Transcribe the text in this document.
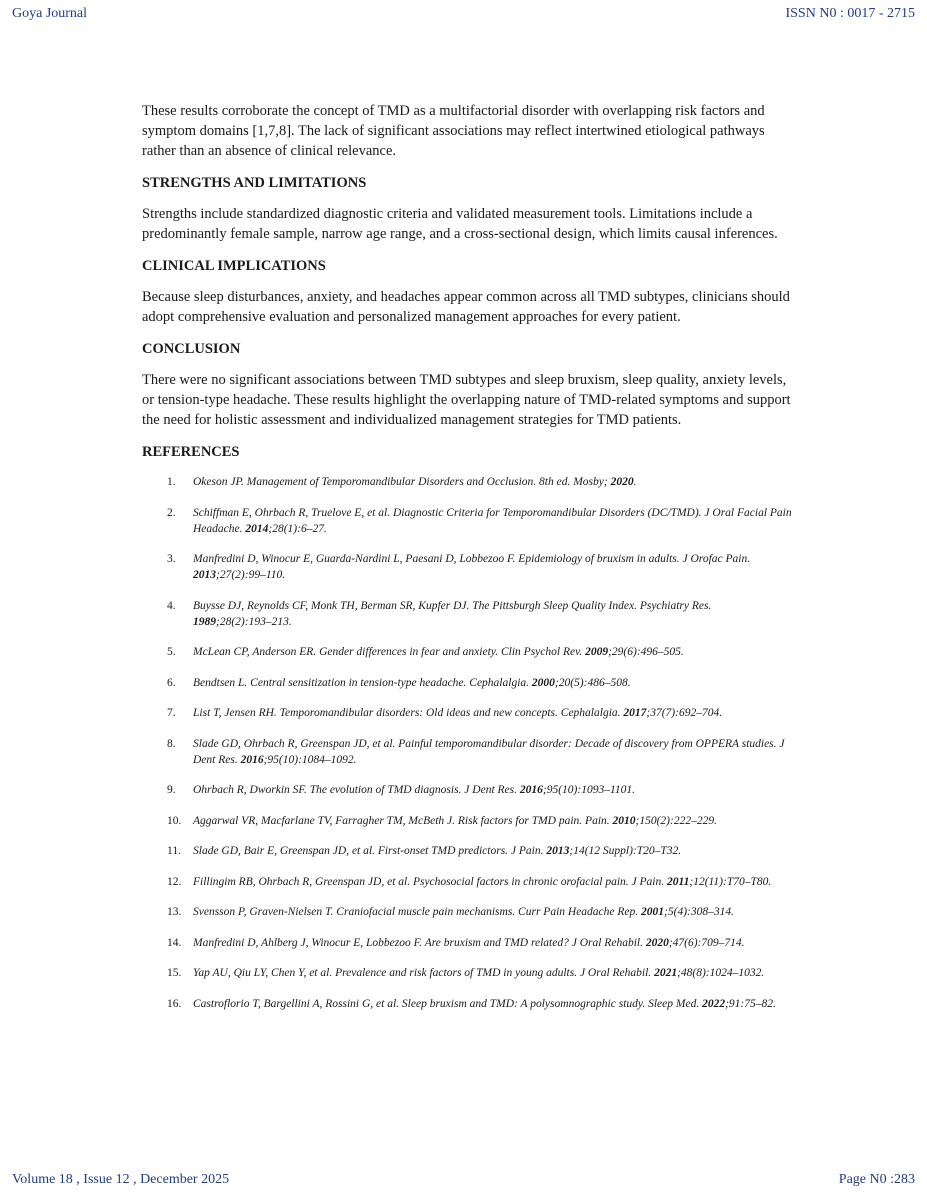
Goya Journal	ISSN N0 : 0017 - 2715

These results corroborate the concept of TMD as a multifactorial disorder with overlapping risk factors and symptom domains [1,7,8]. The lack of significant associations may reflect intertwined etiological pathways rather than an absence of clinical relevance.

STRENGTHS AND LIMITATIONS

Strengths include standardized diagnostic criteria and validated measurement tools. Limitations include a predominantly female sample, narrow age range, and a cross-sectional design, which limits causal inferences.

CLINICAL IMPLICATIONS

Because sleep disturbances, anxiety, and headaches appear common across all TMD subtypes, clinicians should adopt comprehensive evaluation and personalized management approaches for every patient.

CONCLUSION

There were no significant associations between TMD subtypes and sleep bruxism, sleep quality, anxiety levels, or tension-type headache. These results highlight the overlapping nature of TMD-related symptoms and support the need for holistic assessment and individualized management strategies for TMD patients.

REFERENCES
1. Okeson JP. Management of Temporomandibular Disorders and Occlusion. 8th ed. Mosby; 2020.
2. Schiffman E, Ohrbach R, Truelove E, et al. Diagnostic Criteria for Temporomandibular Disorders (DC/TMD). J Oral Facial Pain Headache. 2014;28(1):6–27.
3. Manfredini D, Winocur E, Guarda-Nardini L, Paesani D, Lobbezoo F. Epidemiology of bruxism in adults. J Orofac Pain. 2013;27(2):99–110.
4. Buysse DJ, Reynolds CF, Monk TH, Berman SR, Kupfer DJ. The Pittsburgh Sleep Quality Index. Psychiatry Res. 1989;28(2):193–213.
5. McLean CP, Anderson ER. Gender differences in fear and anxiety. Clin Psychol Rev. 2009;29(6):496–505.
6. Bendtsen L. Central sensitization in tension-type headache. Cephalalgia. 2000;20(5):486–508.
7. List T, Jensen RH. Temporomandibular disorders: Old ideas and new concepts. Cephalalgia. 2017;37(7):692–704.
8. Slade GD, Ohrbach R, Greenspan JD, et al. Painful temporomandibular disorder: Decade of discovery from OPPERA studies. J Dent Res. 2016;95(10):1084–1092.
9. Ohrbach R, Dworkin SF. The evolution of TMD diagnosis. J Dent Res. 2016;95(10):1093–1101.
10. Aggarwal VR, Macfarlane TV, Farragher TM, McBeth J. Risk factors for TMD pain. Pain. 2010;150(2):222–229.
11. Slade GD, Bair E, Greenspan JD, et al. First-onset TMD predictors. J Pain. 2013;14(12 Suppl):T20–T32.
12. Fillingim RB, Ohrbach R, Greenspan JD, et al. Psychosocial factors in chronic orofacial pain. J Pain. 2011;12(11):T70–T80.
13. Svensson P, Graven-Nielsen T. Craniofacial muscle pain mechanisms. Curr Pain Headache Rep. 2001;5(4):308–314.
14. Manfredini D, Ahlberg J, Winocur E, Lobbezoo F. Are bruxism and TMD related? J Oral Rehabil. 2020;47(6):709–714.
15. Yap AU, Qiu LY, Chen Y, et al. Prevalence and risk factors of TMD in young adults. J Oral Rehabil. 2021;48(8):1024–1032.
16. Castroflorio T, Bargellini A, Rossini G, et al. Sleep bruxism and TMD: A polysomnographic study. Sleep Med. 2022;91:75–82.
Volume 18 , Issue 12 , December 2025	Page N0 :283
